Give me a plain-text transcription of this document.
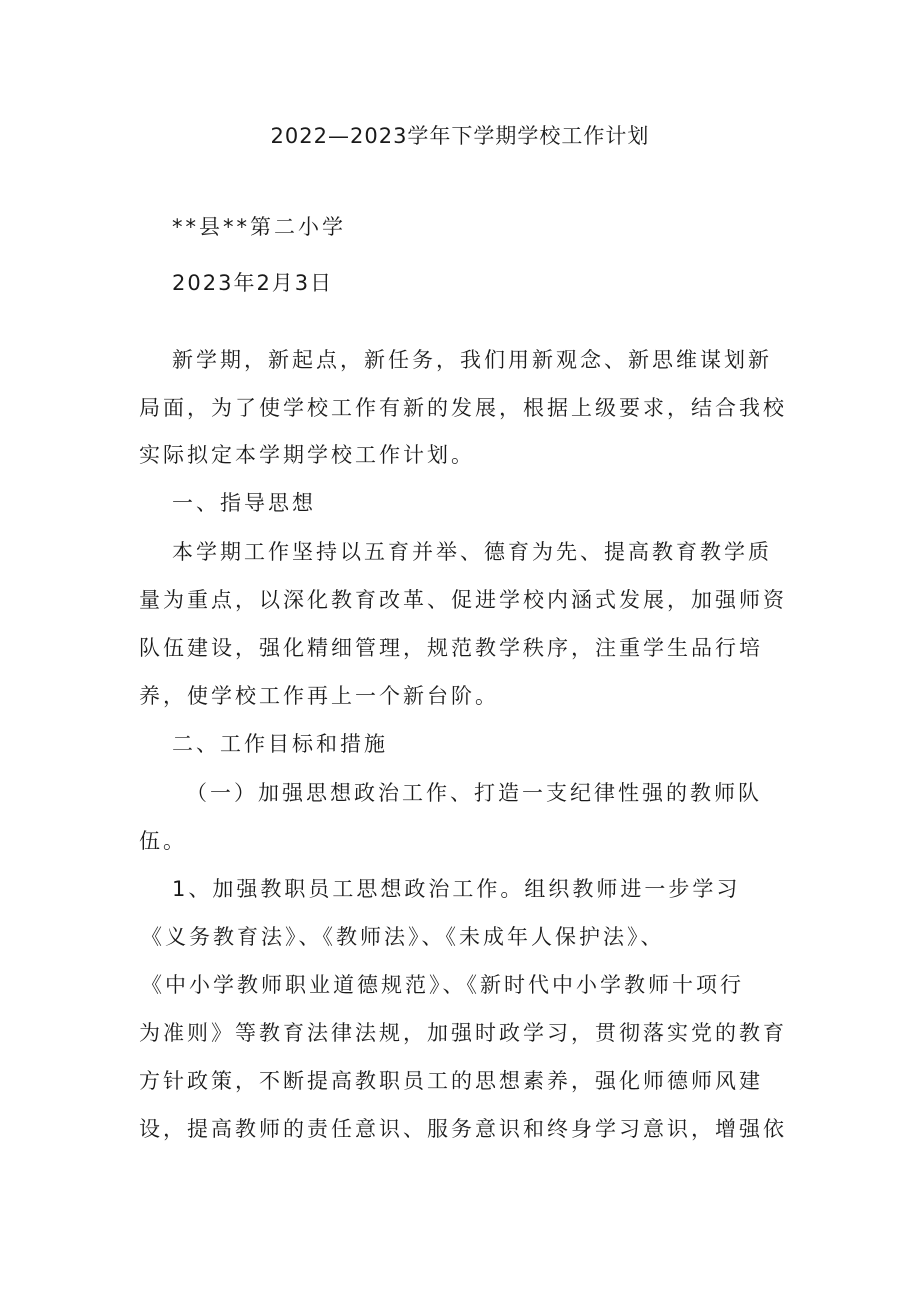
2022—2023学年下学期学校工作计划
**县**第二小学
2023年2月3日
新学期，新起点，新任务，我们用新观念、新思维谋划新
局面，为了使学校工作有新的发展，根据上级要求，结合我校
实际拟定本学期学校工作计划。
一、指导思想
本学期工作坚持以五育并举、德育为先、提高教育教学质
量为重点，以深化教育改革、促进学校内涵式发展，加强师资
队伍建设，强化精细管理，规范教学秩序，注重学生品行培
养，使学校工作再上一个新台阶。
二、工作目标和措施
（一）加强思想政治工作、打造一支纪律性强的教师队
伍。
1、加强教职员工思想政治工作。组织教师进一步学习
《义务教育法》、《教师法》、《未成年人保护法》、
《中小学教师职业道德规范》、《新时代中小学教师十项行
为准则》等教育法律法规，加强时政学习，贯彻落实党的教育
方针政策，不断提高教职员工的思想素养，强化师德师风建
设，提高教师的责任意识、服务意识和终身学习意识，增强依
